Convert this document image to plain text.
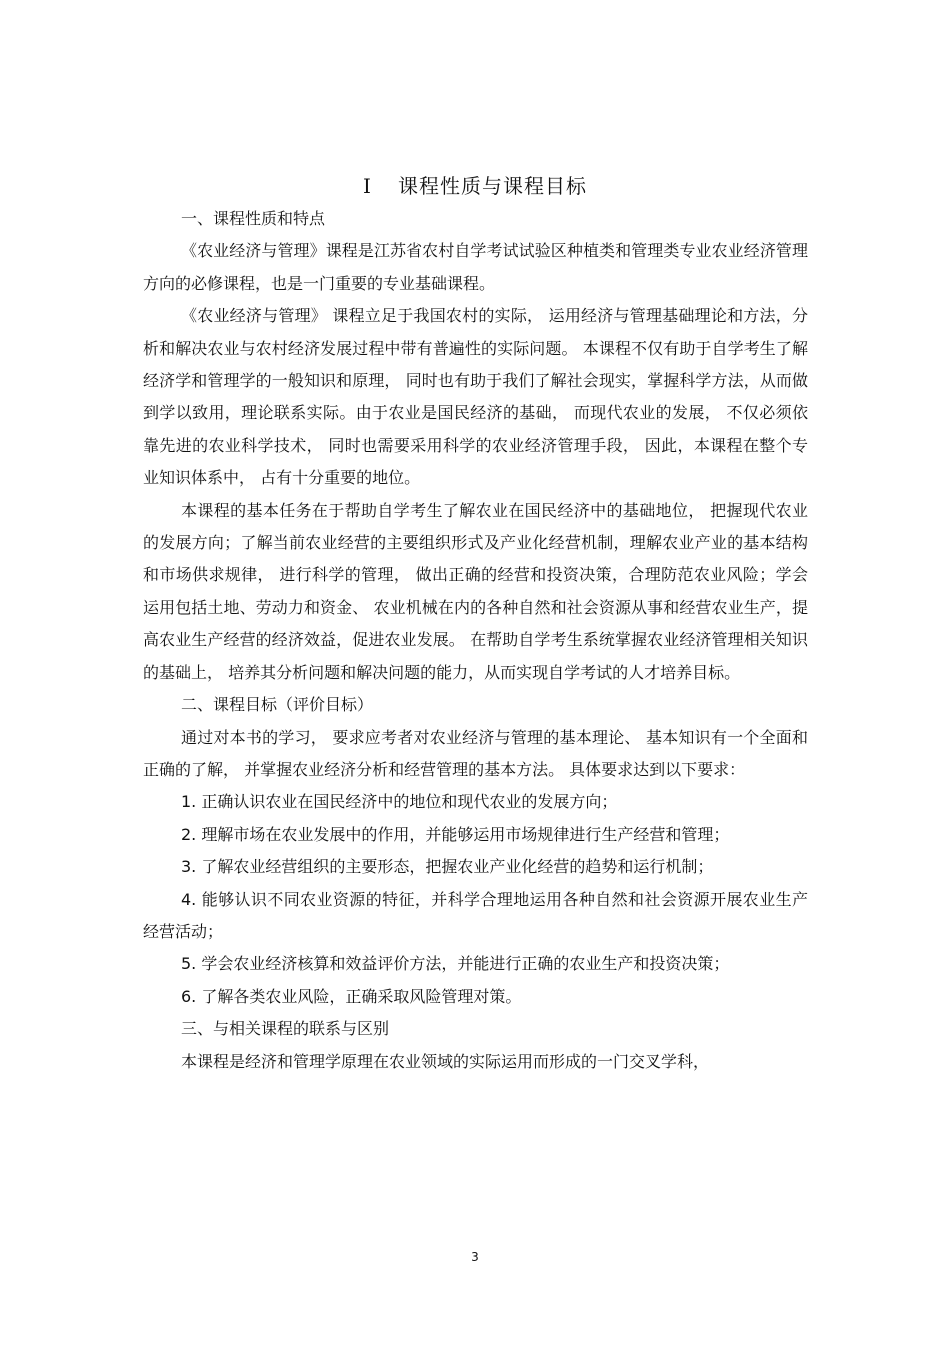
Ⅰ 课程性质与课程目标

一、课程性质和特点

《农业经济与管理》课程是江苏省农村自学考试试验区种植类和管理类专业农业经济管理方向的必修课程，也是一门重要的专业基础课程。

《农业经济与管理》 课程立足于我国农村的实际， 运用经济与管理基础理论和方法，分析和解决农业与农村经济发展过程中带有普遍性的实际问题。 本课程不仅有助于自学考生了解经济学和管理学的一般知识和原理， 同时也有助于我们了解社会现实，掌握科学方法，从而做到学以致用，理论联系实际。由于农业是国民经济的基础， 而现代农业的发展， 不仅必须依靠先进的农业科学技术， 同时也需要采用科学的农业经济管理手段， 因此，本课程在整个专业知识体系中， 占有十分重要的地位。

本课程的基本任务在于帮助自学考生了解农业在国民经济中的基础地位， 把握现代农业的发展方向；了解当前农业经营的主要组织形式及产业化经营机制，理解农业产业的基本结构和市场供求规律， 进行科学的管理， 做出正确的经营和投资决策，合理防范农业风险；学会运用包括土地、劳动力和资金、 农业机械在内的各种自然和社会资源从事和经营农业生产，提高农业生产经营的经济效益，促进农业发展。 在帮助自学考生系统掌握农业经济管理相关知识的基础上， 培养其分析问题和解决问题的能力，从而实现自学考试的人才培养目标。

二、课程目标（评价目标）

通过对本书的学习， 要求应考者对农业经济与管理的基本理论、 基本知识有一个全面和正确的了解， 并掌握农业经济分析和经营管理的基本方法。 具体要求达到以下要求：

1. 正确认识农业在国民经济中的地位和现代农业的发展方向；

2. 理解市场在农业发展中的作用，并能够运用市场规律进行生产经营和管理；

3. 了解农业经营组织的主要形态，把握农业产业化经营的趋势和运行机制；

4. 能够认识不同农业资源的特征，并科学合理地运用各种自然和社会资源开展农业生产经营活动；

5. 学会农业经济核算和效益评价方法，并能进行正确的农业生产和投资决策；

6. 了解各类农业风险，正确采取风险管理对策。

三、与相关课程的联系与区别

本课程是经济和管理学原理在农业领域的实际运用而形成的一门交叉学科，

3
